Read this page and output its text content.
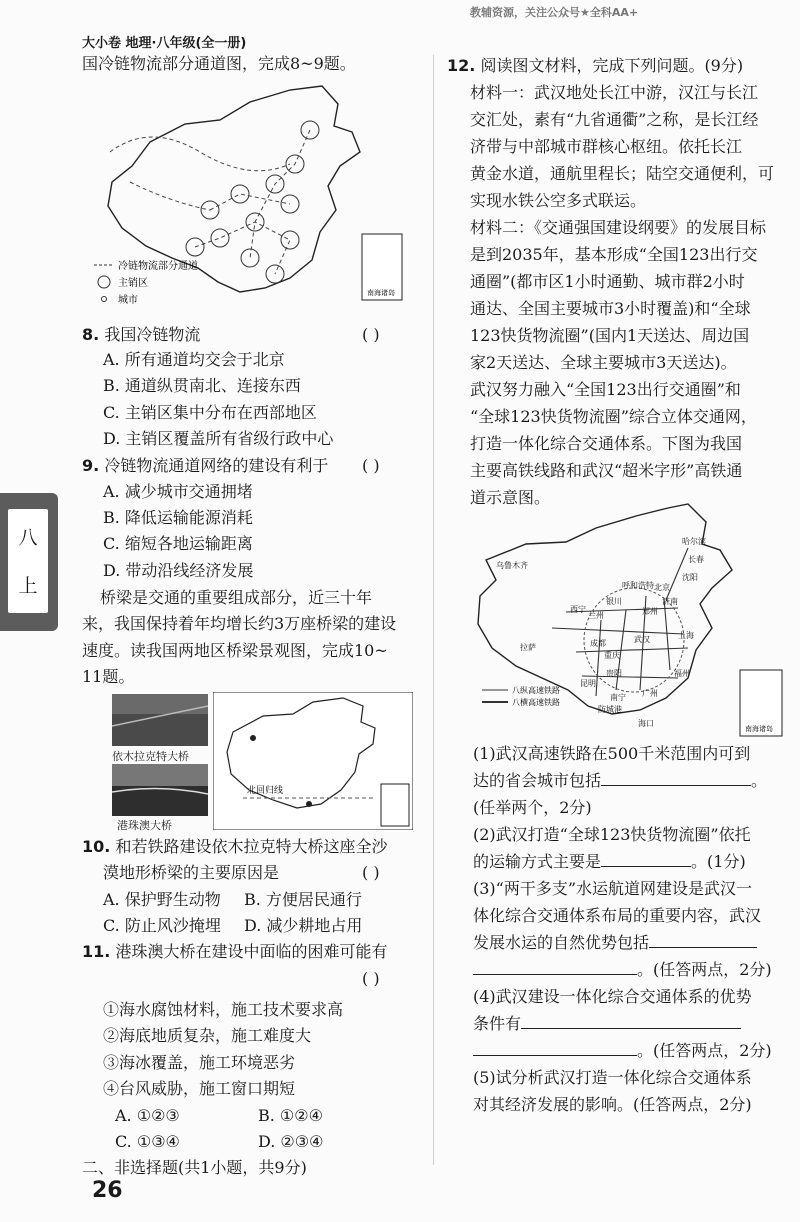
大小卷 地理·八年级(全一册)
教辅资源，关注公众号★全科AA+
八
上
国冷链物流部分通道图，完成8~9题。
南海诸岛
冷链物流部分通道
主销区
城市
8. 我国冷链物流	( )
A. 所有通道均交会于北京
B. 通道纵贯南北、连接东西
C. 主销区集中分布在西部地区
D. 主销区覆盖所有省级行政中心
9. 冷链物流通道网络的建设有利于 ( )
A. 减少城市交通拥堵
B. 降低运输能源消耗
C. 缩短各地运输距离
D. 带动沿线经济发展
桥梁是交通的重要组成部分，近三十年
来，我国保持着年均增长约3万座桥梁的建设
速度。读我国两地区桥梁景观图，完成10~
11题。
依木拉克特大桥
港珠澳大桥
北回归线
10. 和若铁路建设依木拉克特大桥这座全沙
漠地形桥梁的主要原因是	( )
A. 保护野生动物 B. 方便居民通行
C. 防止风沙掩埋 D. 减少耕地占用
11. 港珠澳大桥在建设中面临的困难可能有
( )
①海水腐蚀材料，施工技术要求高
②海底地质复杂，施工难度大
③海冰覆盖，施工环境恶劣
④台风威胁，施工窗口期短
A. ①②③	B. ①②④
C. ①③④	D. ②③④
二、非选择题(共1小题，共9分)
26
12. 阅读图文材料，完成下列问题。(9分)
材料一：武汉地处长江中游，汉江与长江
交汇处，素有“九省通衢”之称，是长江经
济带与中部城市群核心枢纽。依托长江
黄金水道，通航里程长；陆空交通便利，可
实现水铁公空多式联运。
材料二：《交通强国建设纲要》的发展目标
是到2035年，基本形成“全国123出行交
通圈”(都市区1小时通勤、城市群2小时
通达、全国主要城市3小时覆盖)和“全球
123快货物流圈”(国内1天送达、周边国
家2天送达、全球主要城市3天送达)。
武汉努力融入“全国123出行交通圈”和
“全球123快货物流圈”综合立体交通网，
打造一体化综合交通体系。下图为我国
主要高铁线路和武汉“超米字形”高铁通
道示意图。
乌鲁木齐
哈尔滨
长春
沈阳
北京
呼和浩特
银川
兰州
西宁	郑州
济南
武汉	上海
成都
重庆
拉萨
贵阳
昆明
南宁 广州
福州
防城港
海口
八纵高速铁路
八横高速铁路
南海诸岛
(1)武汉高速铁路在500千米范围内可到
达的省会城市包括	。
(任举两个，2分)
(2)武汉打造“全球123快货物流圈”依托
的运输方式主要是	。(1分)
(3)“两干多支”水运航道网建设是武汉一
体化综合交通体系布局的重要内容，武汉
发展水运的自然优势包括
。(任答两点，2分)
(4)武汉建设一体化综合交通体系的优势
条件有
。(任答两点，2分)
(5)试分析武汉打造一体化综合交通体系
对其经济发展的影响。(任答两点，2分)
